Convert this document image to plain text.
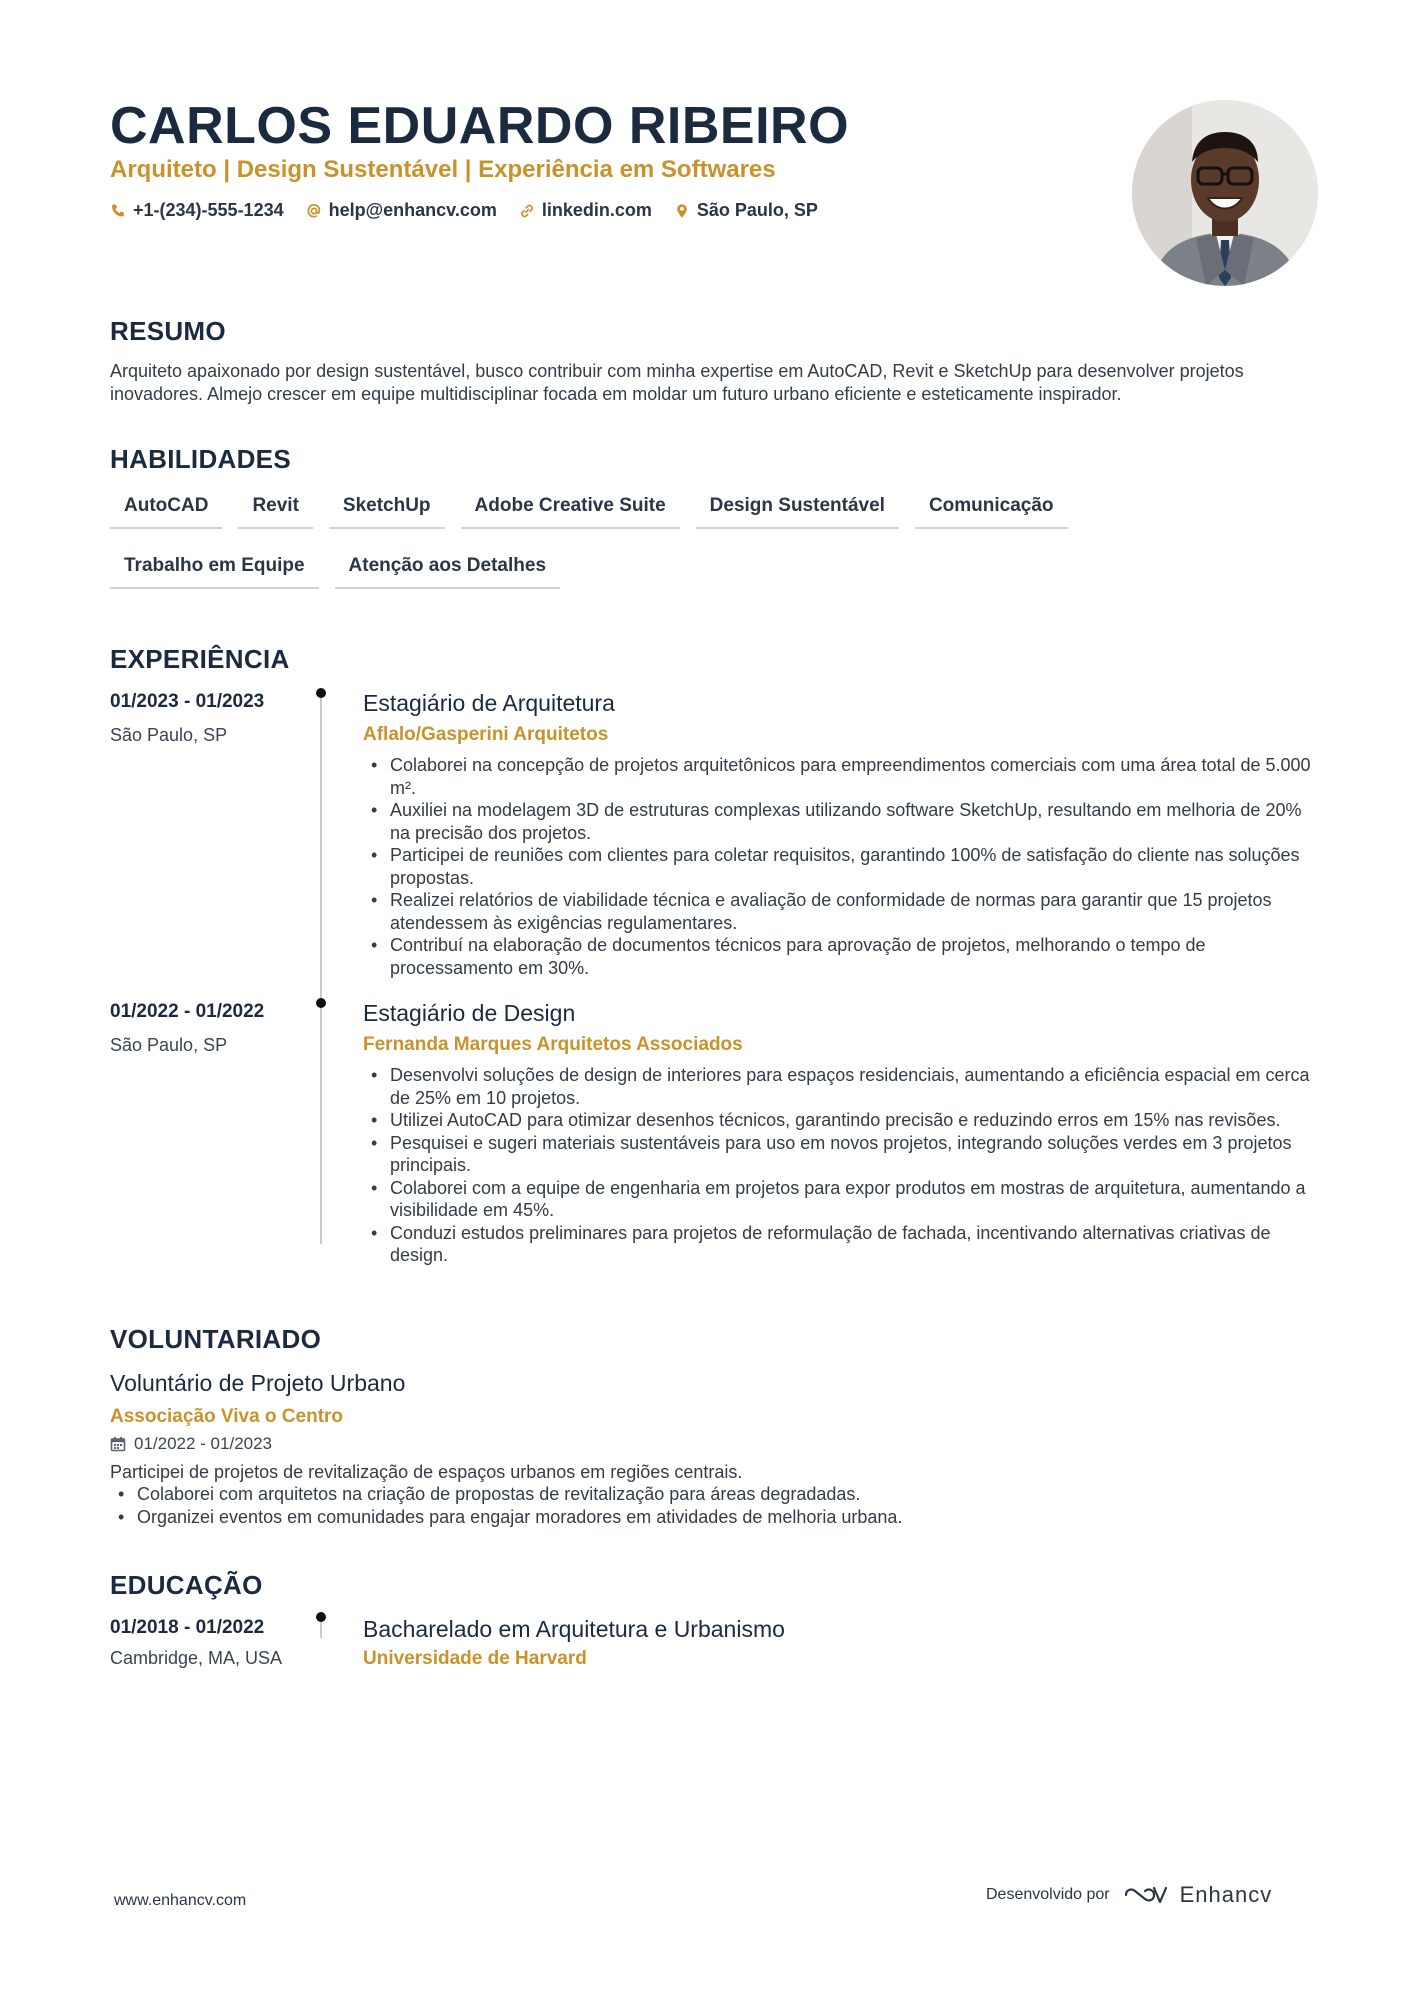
CARLOS EDUARDO RIBEIRO
Arquiteto | Design Sustentável | Experiência em Softwares
+1-(234)-555-1234	help@enhancv.com	linkedin.com	São Paulo, SP
RESUMO
Arquiteto apaixonado por design sustentável, busco contribuir com minha expertise em AutoCAD, Revit e SketchUp para desenvolver projetos inovadores. Almejo crescer em equipe multidisciplinar focada em moldar um futuro urbano eficiente e esteticamente inspirador.
HABILIDADES
AutoCAD	Revit	SketchUp	Adobe Creative Suite	Design Sustentável	Comunicação
Trabalho em Equipe	Atenção aos Detalhes
EXPERIÊNCIA
01/2023 - 01/2023
São Paulo, SP
Estagiário de Arquitetura
Aflalo/Gasperini Arquitetos
• Colaborei na concepção de projetos arquitetônicos para empreendimentos comerciais com uma área total de 5.000 m².
• Auxiliei na modelagem 3D de estruturas complexas utilizando software SketchUp, resultando em melhoria de 20% na precisão dos projetos.
• Participei de reuniões com clientes para coletar requisitos, garantindo 100% de satisfação do cliente nas soluções propostas.
• Realizei relatórios de viabilidade técnica e avaliação de conformidade de normas para garantir que 15 projetos atendessem às exigências regulamentares.
• Contribuí na elaboração de documentos técnicos para aprovação de projetos, melhorando o tempo de processamento em 30%.
01/2022 - 01/2022
São Paulo, SP
Estagiário de Design
Fernanda Marques Arquitetos Associados
• Desenvolvi soluções de design de interiores para espaços residenciais, aumentando a eficiência espacial em cerca de 25% em 10 projetos.
• Utilizei AutoCAD para otimizar desenhos técnicos, garantindo precisão e reduzindo erros em 15% nas revisões.
• Pesquisei e sugeri materiais sustentáveis para uso em novos projetos, integrando soluções verdes em 3 projetos principais.
• Colaborei com a equipe de engenharia em projetos para expor produtos em mostras de arquitetura, aumentando a visibilidade em 45%.
• Conduzi estudos preliminares para projetos de reformulação de fachada, incentivando alternativas criativas de design.
VOLUNTARIADO
Voluntário de Projeto Urbano
Associação Viva o Centro
01/2022 - 01/2023
Participei de projetos de revitalização de espaços urbanos em regiões centrais.
• Colaborei com arquitetos na criação de propostas de revitalização para áreas degradadas.
• Organizei eventos em comunidades para engajar moradores em atividades de melhoria urbana.
EDUCAÇÃO
01/2018 - 01/2022
Cambridge, MA, USA
Bacharelado em Arquitetura e Urbanismo
Universidade de Harvard
www.enhancv.com	Desenvolvido por	Enhancv
